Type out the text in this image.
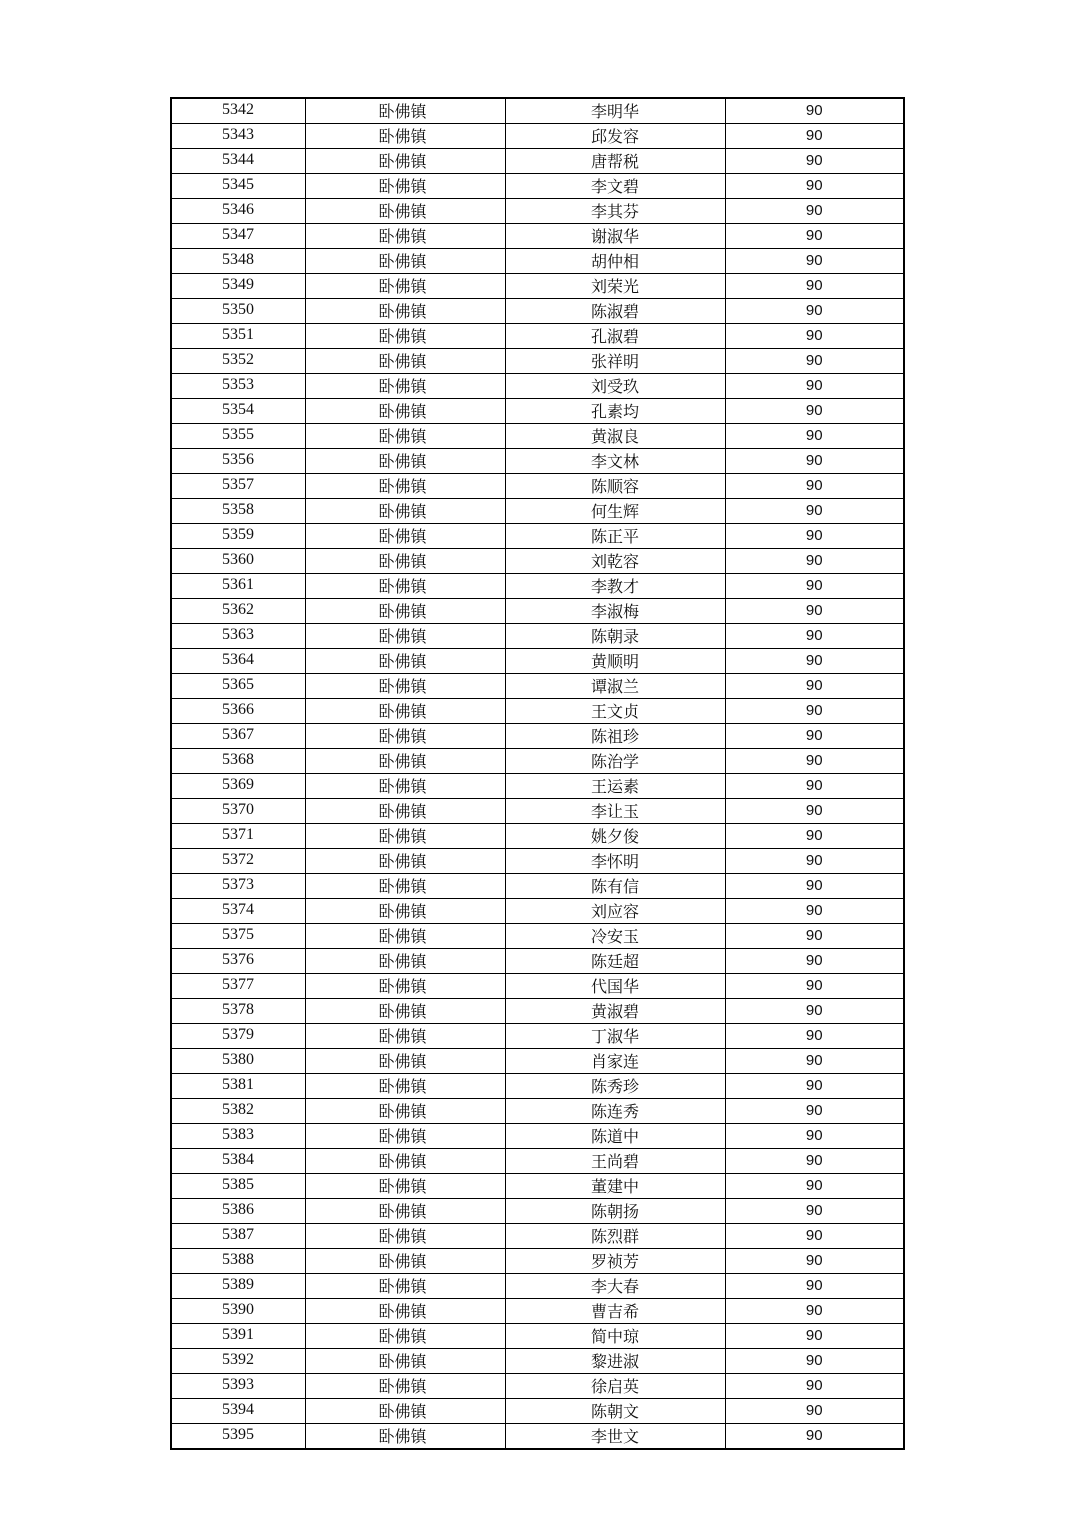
5342	卧佛镇	李明华	90
5343	卧佛镇	邱发容	90
5344	卧佛镇	唐帮税	90
5345	卧佛镇	李文碧	90
5346	卧佛镇	李其芬	90
5347	卧佛镇	谢淑华	90
5348	卧佛镇	胡仲相	90
5349	卧佛镇	刘荣光	90
5350	卧佛镇	陈淑碧	90
5351	卧佛镇	孔淑碧	90
5352	卧佛镇	张祥明	90
5353	卧佛镇	刘受玖	90
5354	卧佛镇	孔素均	90
5355	卧佛镇	黄淑良	90
5356	卧佛镇	李文林	90
5357	卧佛镇	陈顺容	90
5358	卧佛镇	何生辉	90
5359	卧佛镇	陈正平	90
5360	卧佛镇	刘乾容	90
5361	卧佛镇	李教才	90
5362	卧佛镇	李淑梅	90
5363	卧佛镇	陈朝录	90
5364	卧佛镇	黄顺明	90
5365	卧佛镇	谭淑兰	90
5366	卧佛镇	王文贞	90
5367	卧佛镇	陈祖珍	90
5368	卧佛镇	陈治学	90
5369	卧佛镇	王运素	90
5370	卧佛镇	李让玉	90
5371	卧佛镇	姚夕俊	90
5372	卧佛镇	李怀明	90
5373	卧佛镇	陈有信	90
5374	卧佛镇	刘应容	90
5375	卧佛镇	冷安玉	90
5376	卧佛镇	陈廷超	90
5377	卧佛镇	代国华	90
5378	卧佛镇	黄淑碧	90
5379	卧佛镇	丁淑华	90
5380	卧佛镇	肖家连	90
5381	卧佛镇	陈秀珍	90
5382	卧佛镇	陈连秀	90
5383	卧佛镇	陈道中	90
5384	卧佛镇	王尚碧	90
5385	卧佛镇	董建中	90
5386	卧佛镇	陈朝扬	90
5387	卧佛镇	陈烈群	90
5388	卧佛镇	罗祯芳	90
5389	卧佛镇	李大春	90
5390	卧佛镇	曹吉希	90
5391	卧佛镇	简中琼	90
5392	卧佛镇	黎进淑	90
5393	卧佛镇	徐启英	90
5394	卧佛镇	陈朝文	90
5395	卧佛镇	李世文	90
